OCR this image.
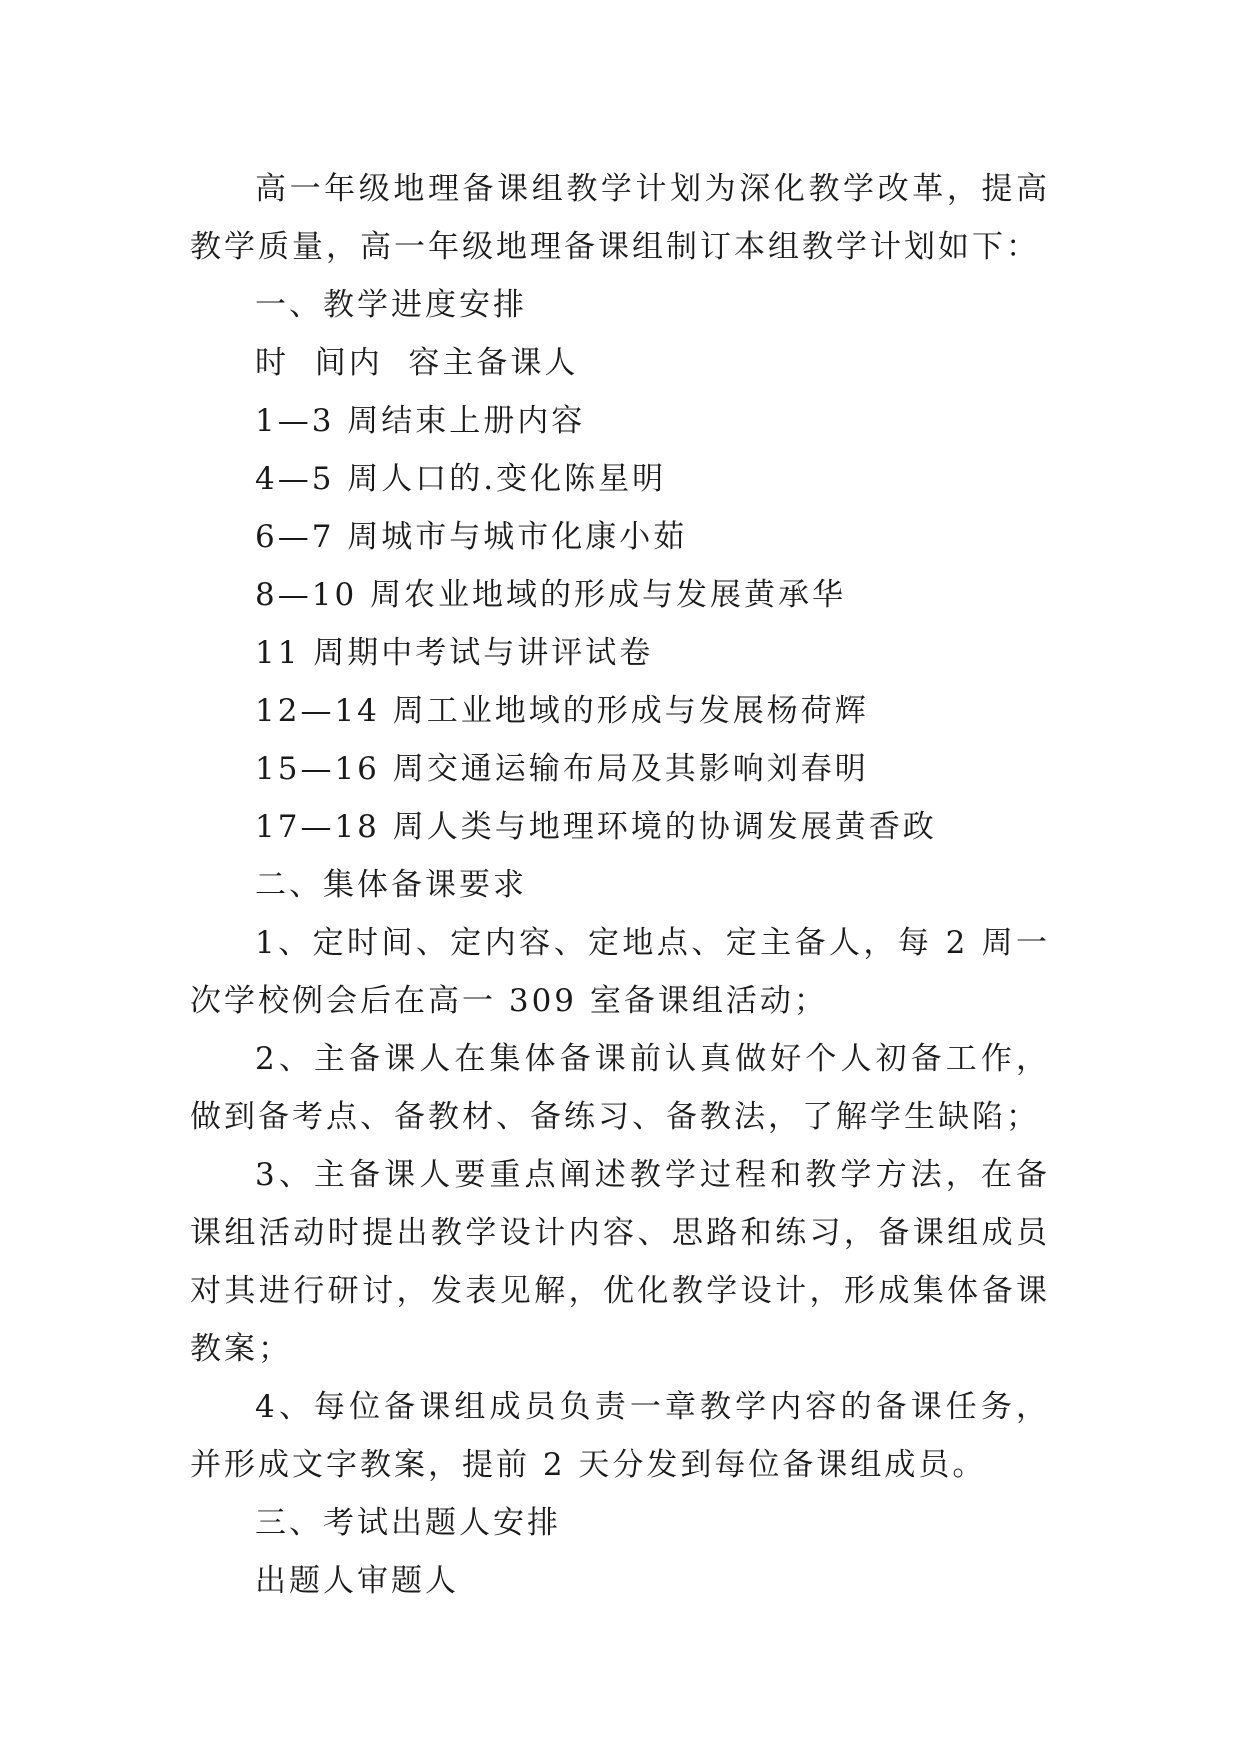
高一年级地理备课组教学计划为深化教学改革，提高教学质量，高一年级地理备课组制订本组教学计划如下：

一、教学进度安排

时  间内  容主备课人

1—3 周结束上册内容

4—5 周人口的.变化陈星明

6—7 周城市与城市化康小茹

8—10 周农业地域的形成与发展黄承华

11 周期中考试与讲评试卷

12—14 周工业地域的形成与发展杨荷辉

15—16 周交通运输布局及其影响刘春明

17—18 周人类与地理环境的协调发展黄香政

二、集体备课要求

1、定时间、定内容、定地点、定主备人，每 2 周一次学校例会后在高一 309 室备课组活动；

2、主备课人在集体备课前认真做好个人初备工作，做到备考点、备教材、备练习、备教法，了解学生缺陷；

3、主备课人要重点阐述教学过程和教学方法，在备课组活动时提出教学设计内容、思路和练习，备课组成员对其进行研讨，发表见解，优化教学设计，形成集体备课教案；

4、每位备课组成员负责一章教学内容的备课任务，并形成文字教案，提前 2 天分发到每位备课组成员。

三、考试出题人安排

出题人审题人
